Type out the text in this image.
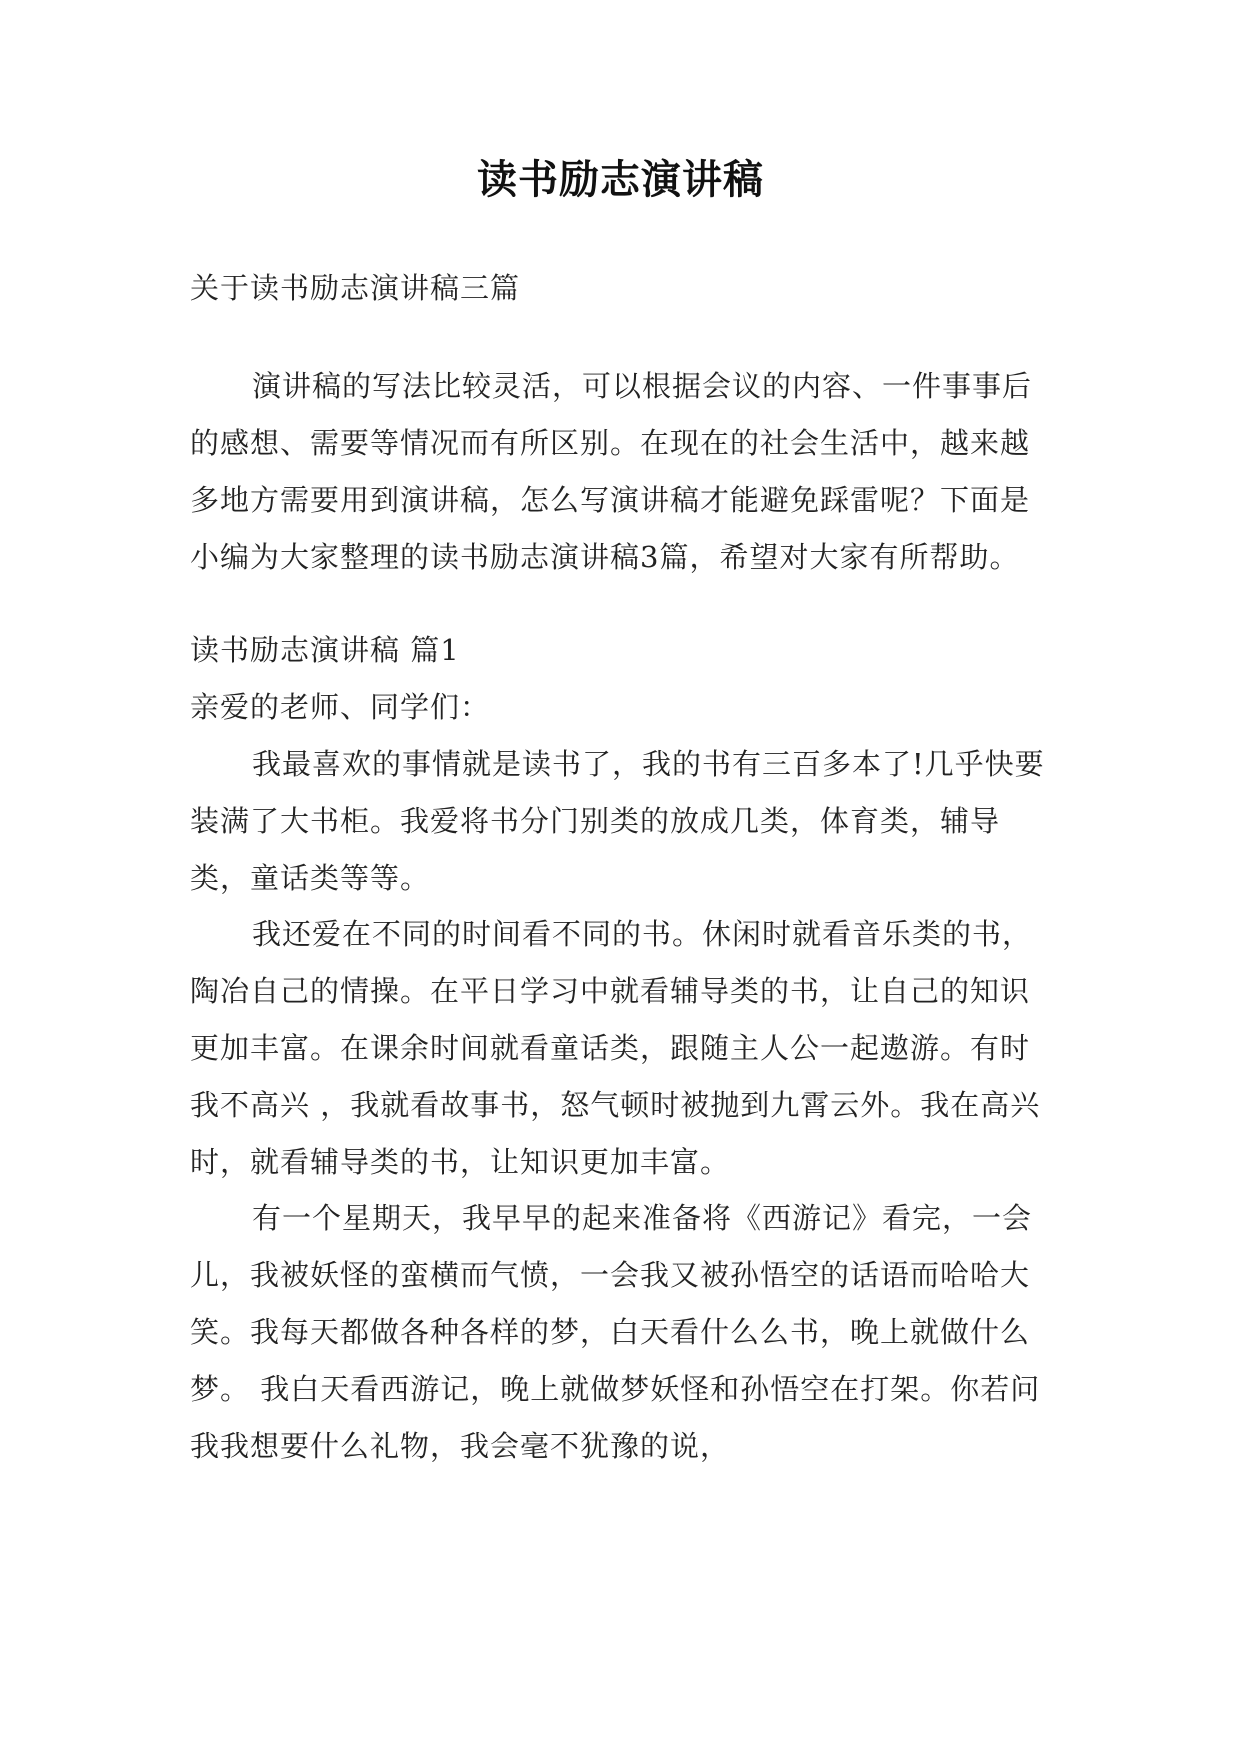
读书励志演讲稿
关于读书励志演讲稿三篇
演讲稿的写法比较灵活，可以根据会议的内容、一件事事后的感想、需要等情况而有所区别。在现在的社会生活中，越来越多地方需要用到演讲稿，怎么写演讲稿才能避免踩雷呢？下面是小编为大家整理的读书励志演讲稿3篇，希望对大家有所帮助。
读书励志演讲稿 篇1
亲爱的老师、同学们：
我最喜欢的事情就是读书了，我的书有三百多本了!几乎快要装满了大书柜。我爱将书分门别类的放成几类，体育类，辅导类，童话类等等。
我还爱在不同的时间看不同的书。休闲时就看音乐类的书，陶冶自己的情操。在平日学习中就看辅导类的书，让自己的知识更加丰富。在课余时间就看童话类，跟随主人公一起遨游。有时我不高兴 ，我就看故事书，怒气顿时被抛到九霄云外。我在高兴时，就看辅导类的书，让知识更加丰富。
有一个星期天，我早早的起来准备将《西游记》看完，一会儿，我被妖怪的蛮横而气愤，一会我又被孙悟空的话语而哈哈大笑。我每天都做各种各样的梦，白天看什么么书，晚上就做什么梦。 我白天看西游记，晚上就做梦妖怪和孙悟空在打架。你若问我我想要什么礼物，我会毫不犹豫的说，
